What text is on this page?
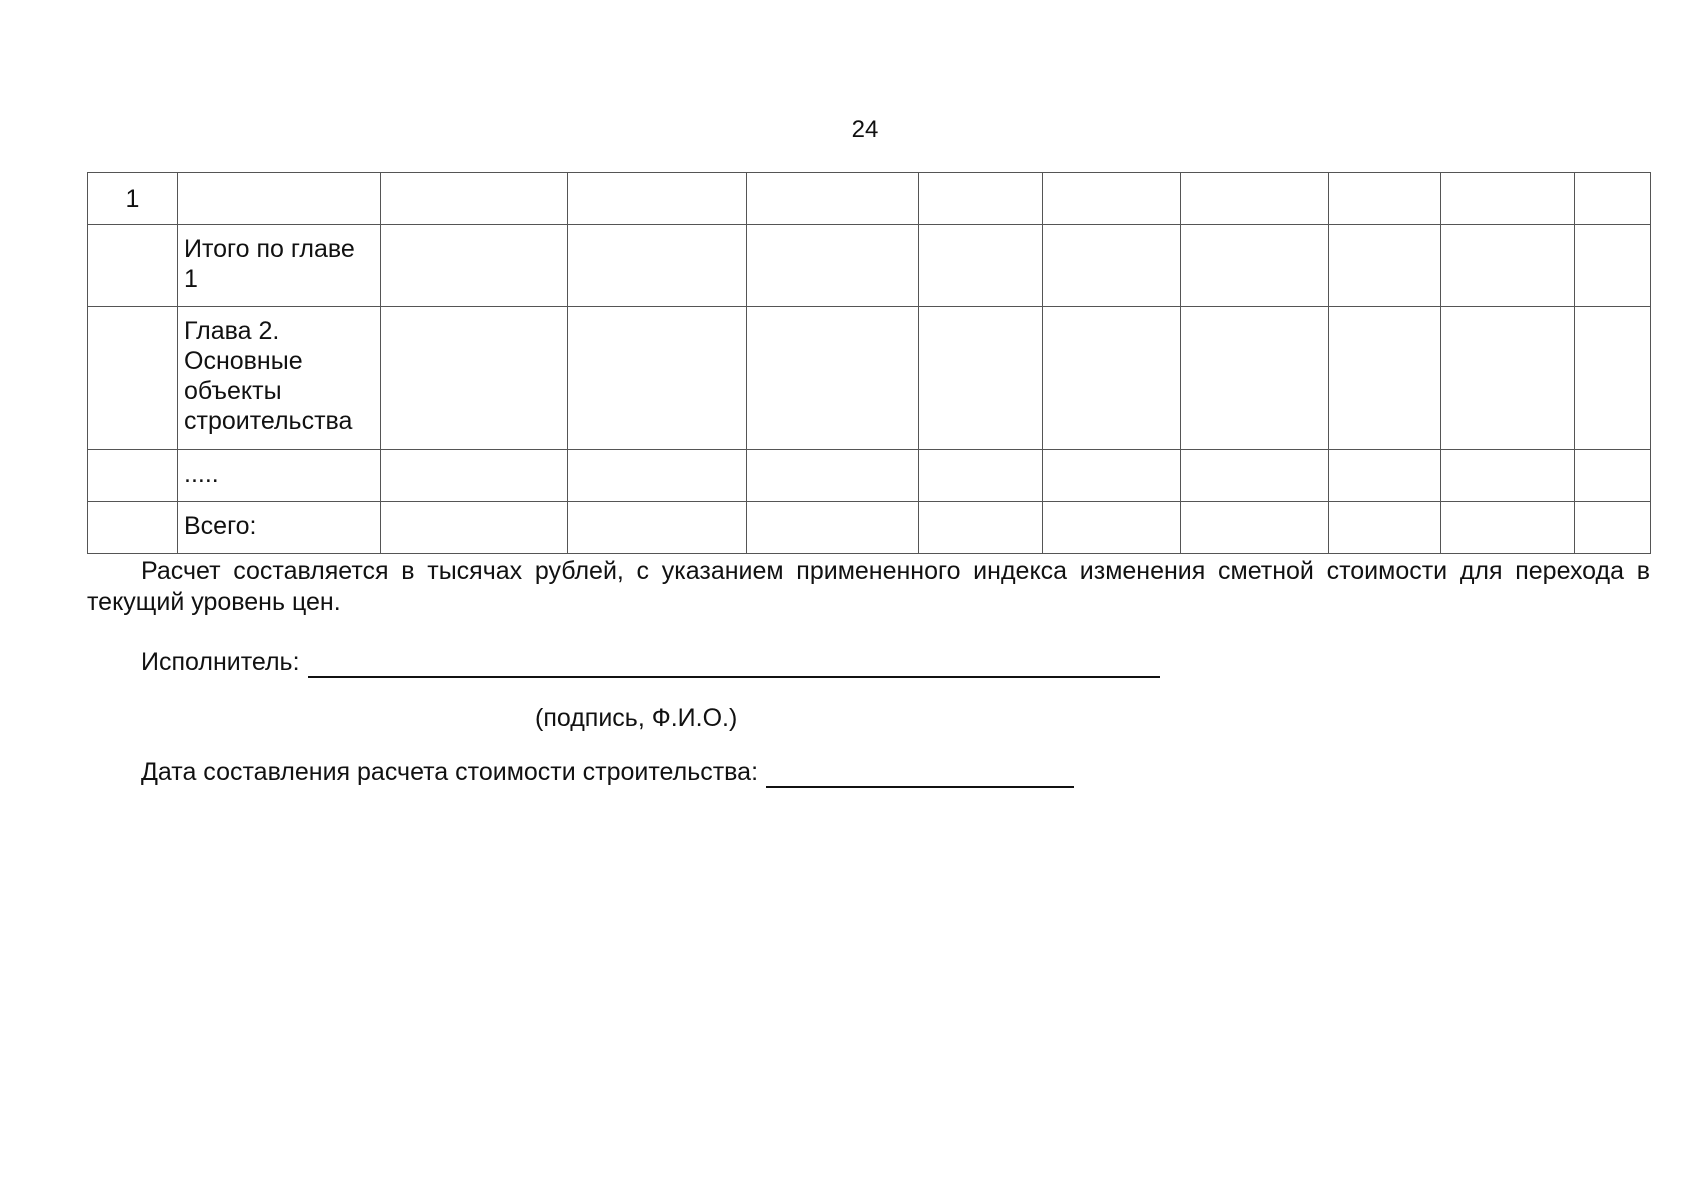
24
1										
	Итого по главе 1									
	Глава 2. Основные объекты строительства									
	.....									
	Всего:									

Расчет составляется в тысячах рублей, с указанием примененного индекса изменения сметной стоимости для перехода в текущий уровень цен.

Исполнитель:
(подпись, Ф.И.О.)
Дата составления расчета стоимости строительства:
